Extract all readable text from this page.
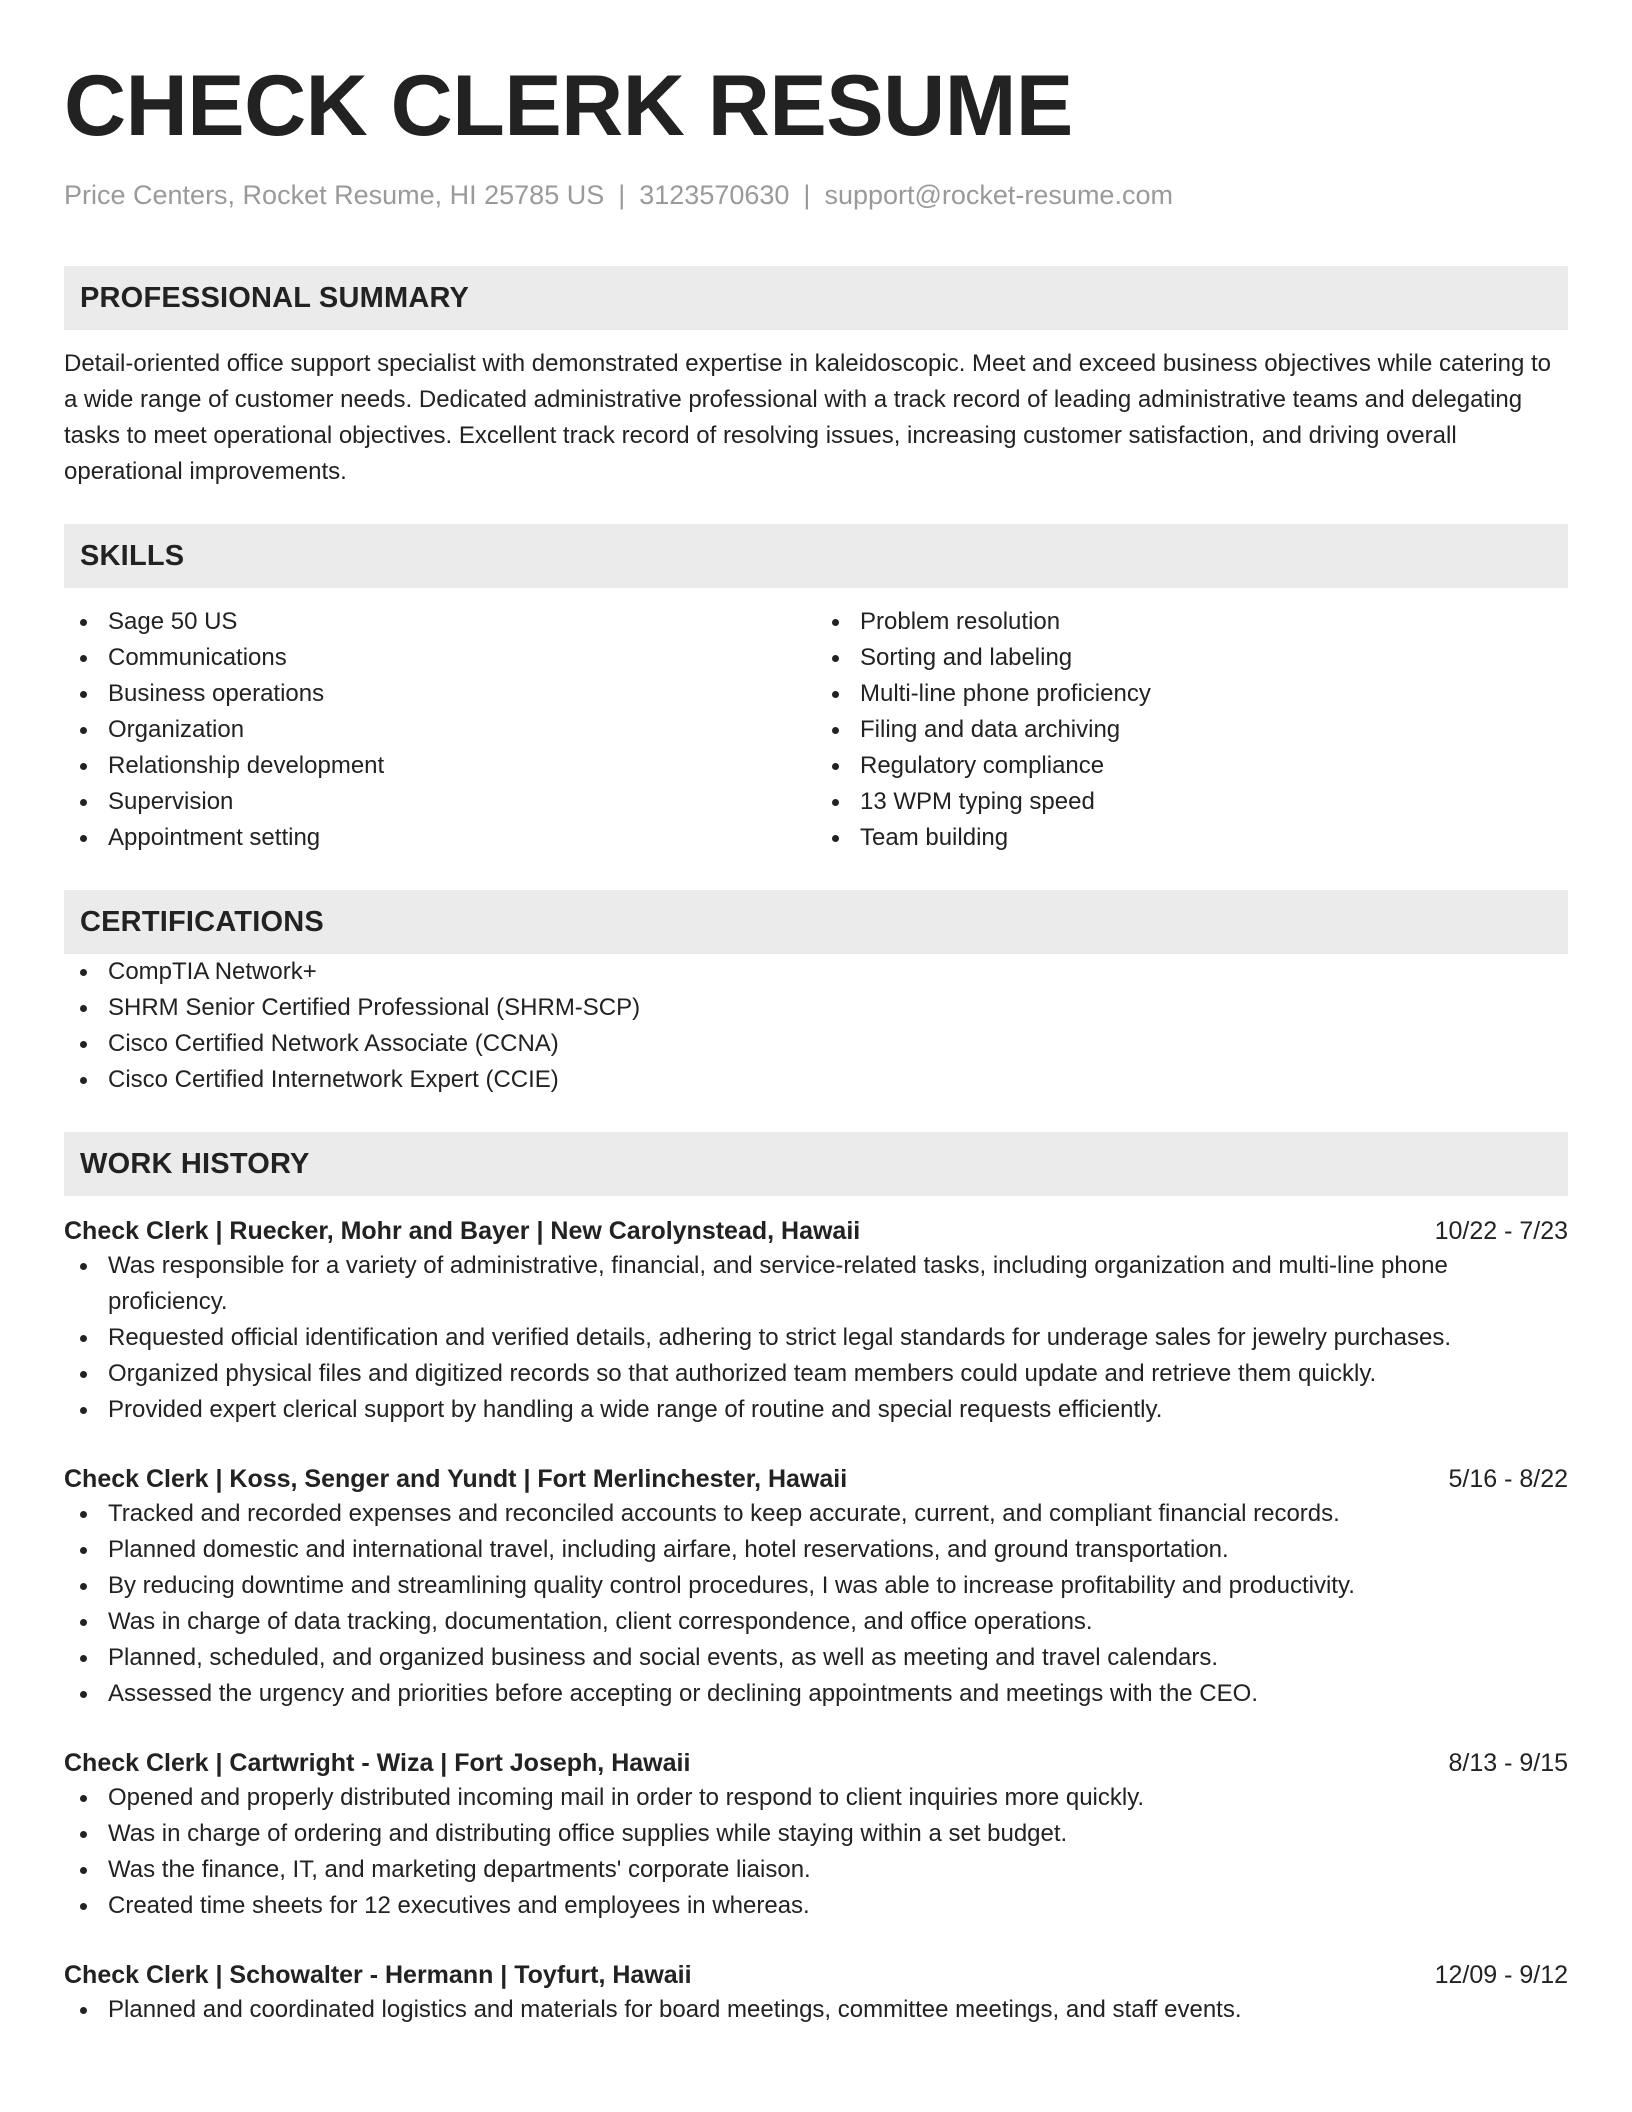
CHECK CLERK RESUME
Price Centers, Rocket Resume, HI 25785 US | 3123570630 | support@rocket-resume.com
PROFESSIONAL SUMMARY

Detail-oriented office support specialist with demonstrated expertise in kaleidoscopic. Meet and exceed business objectives while catering to a wide range of customer needs. Dedicated administrative professional with a track record of leading administrative teams and delegating tasks to meet operational objectives. Excellent track record of resolving issues, increasing customer satisfaction, and driving overall operational improvements.

SKILLS
Sage 50 US
Communications
Business operations
Organization
Relationship development
Supervision
Appointment setting
Problem resolution
Sorting and labeling
Multi-line phone proficiency
Filing and data archiving
Regulatory compliance
13 WPM typing speed
Team building
CERTIFICATIONS
CompTIA Network+
SHRM Senior Certified Professional (SHRM-SCP)
Cisco Certified Network Associate (CCNA)
Cisco Certified Internetwork Expert (CCIE)
WORK HISTORY
Check Clerk | Ruecker, Mohr and Bayer | New Carolynstead, Hawaii	10/22 - 7/23
Was responsible for a variety of administrative, financial, and service-related tasks, including organization and multi-line phone proficiency.
Requested official identification and verified details, adhering to strict legal standards for underage sales for jewelry purchases.
Organized physical files and digitized records so that authorized team members could update and retrieve them quickly.
Provided expert clerical support by handling a wide range of routine and special requests efficiently.
Check Clerk | Koss, Senger and Yundt | Fort Merlinchester, Hawaii	5/16 - 8/22
Tracked and recorded expenses and reconciled accounts to keep accurate, current, and compliant financial records.
Planned domestic and international travel, including airfare, hotel reservations, and ground transportation.
By reducing downtime and streamlining quality control procedures, I was able to increase profitability and productivity.
Was in charge of data tracking, documentation, client correspondence, and office operations.
Planned, scheduled, and organized business and social events, as well as meeting and travel calendars.
Assessed the urgency and priorities before accepting or declining appointments and meetings with the CEO.
Check Clerk | Cartwright - Wiza | Fort Joseph, Hawaii	8/13 - 9/15
Opened and properly distributed incoming mail in order to respond to client inquiries more quickly.
Was in charge of ordering and distributing office supplies while staying within a set budget.
Was the finance, IT, and marketing departments' corporate liaison.
Created time sheets for 12 executives and employees in whereas.
Check Clerk | Schowalter - Hermann | Toyfurt, Hawaii	12/09 - 9/12
Planned and coordinated logistics and materials for board meetings, committee meetings, and staff events.
